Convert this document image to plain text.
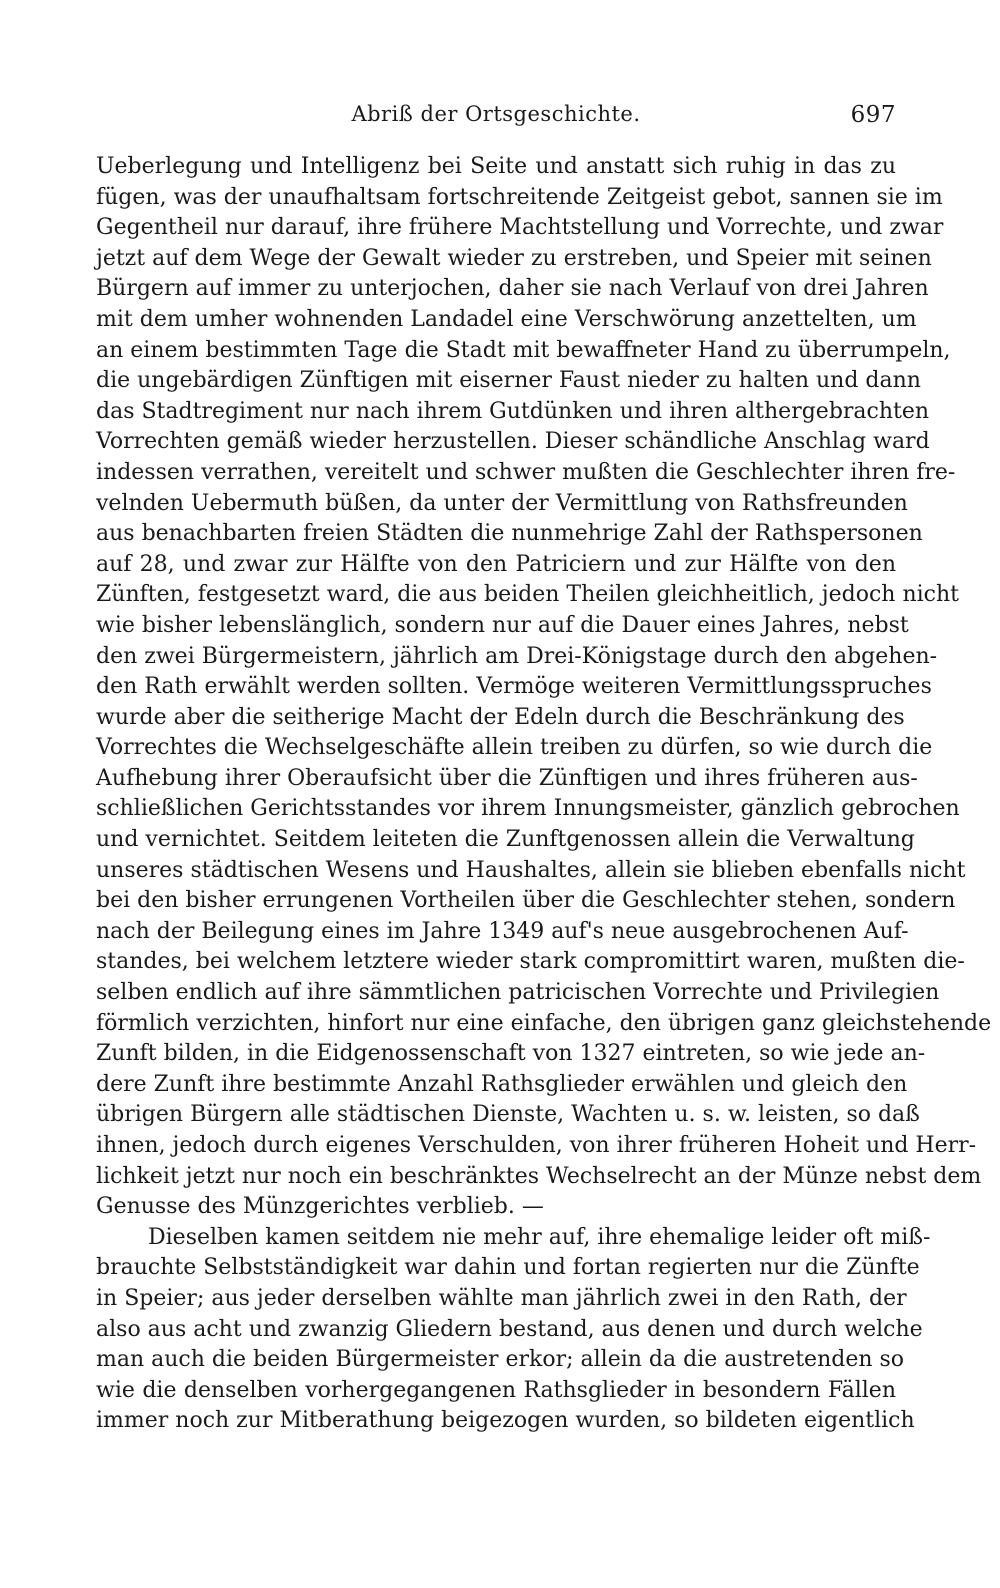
Abriß der Ortsgeschichte.	697
Ueberlegung und Intelligenz bei Seite und anstatt sich ruhig in das zu
fügen, was der unaufhaltsam fortschreitende Zeitgeist gebot, sannen sie im
Gegentheil nur darauf, ihre frühere Machtstellung und Vorrechte, und zwar
jetzt auf dem Wege der Gewalt wieder zu erstreben, und Speier mit seinen
Bürgern auf immer zu unterjochen, daher sie nach Verlauf von drei Jahren
mit dem umher wohnenden Landadel eine Verschwörung anzettelten, um
an einem bestimmten Tage die Stadt mit bewaffneter Hand zu überrumpeln,
die ungebärdigen Zünftigen mit eiserner Faust nieder zu halten und dann
das Stadtregiment nur nach ihrem Gutdünken und ihren althergebrachten
Vorrechten gemäß wieder herzustellen. Dieser schändliche Anschlag ward
indessen verrathen, vereitelt und schwer mußten die Geschlechter ihren fre-
velnden Uebermuth büßen, da unter der Vermittlung von Rathsfreunden
aus benachbarten freien Städten die nunmehrige Zahl der Rathspersonen
auf 28, und zwar zur Hälfte von den Patriciern und zur Hälfte von den
Zünften, festgesetzt ward, die aus beiden Theilen gleichheitlich, jedoch nicht
wie bisher lebenslänglich, sondern nur auf die Dauer eines Jahres, nebst
den zwei Bürgermeistern, jährlich am Drei-Königstage durch den abgehen-
den Rath erwählt werden sollten. Vermöge weiteren Vermittlungsspruches
wurde aber die seitherige Macht der Edeln durch die Beschränkung des
Vorrechtes die Wechselgeschäfte allein treiben zu dürfen, so wie durch die
Aufhebung ihrer Oberaufsicht über die Zünftigen und ihres früheren aus-
schließlichen Gerichtsstandes vor ihrem Innungsmeister, gänzlich gebrochen
und vernichtet. Seitdem leiteten die Zunftgenossen allein die Verwaltung
unseres städtischen Wesens und Haushaltes, allein sie blieben ebenfalls nicht
bei den bisher errungenen Vortheilen über die Geschlechter stehen, sondern
nach der Beilegung eines im Jahre 1349 auf's neue ausgebrochenen Auf-
standes, bei welchem letztere wieder stark compromittirt waren, mußten die-
selben endlich auf ihre sämmtlichen patricischen Vorrechte und Privilegien
förmlich verzichten, hinfort nur eine einfache, den übrigen ganz gleichstehende
Zunft bilden, in die Eidgenossenschaft von 1327 eintreten, so wie jede an-
dere Zunft ihre bestimmte Anzahl Rathsglieder erwählen und gleich den
übrigen Bürgern alle städtischen Dienste, Wachten u. s. w. leisten, so daß
ihnen, jedoch durch eigenes Verschulden, von ihrer früheren Hoheit und Herr-
lichkeit jetzt nur noch ein beschränktes Wechselrecht an der Münze nebst dem
Genusse des Münzgerichtes verblieb. —
Dieselben kamen seitdem nie mehr auf, ihre ehemalige leider oft miß-
brauchte Selbstständigkeit war dahin und fortan regierten nur die Zünfte
in Speier; aus jeder derselben wählte man jährlich zwei in den Rath, der
also aus acht und zwanzig Gliedern bestand, aus denen und durch welche
man auch die beiden Bürgermeister erkor; allein da die austretenden so
wie die denselben vorhergegangenen Rathsglieder in besondern Fällen
immer noch zur Mitberathung beigezogen wurden, so bildeten eigentlich
